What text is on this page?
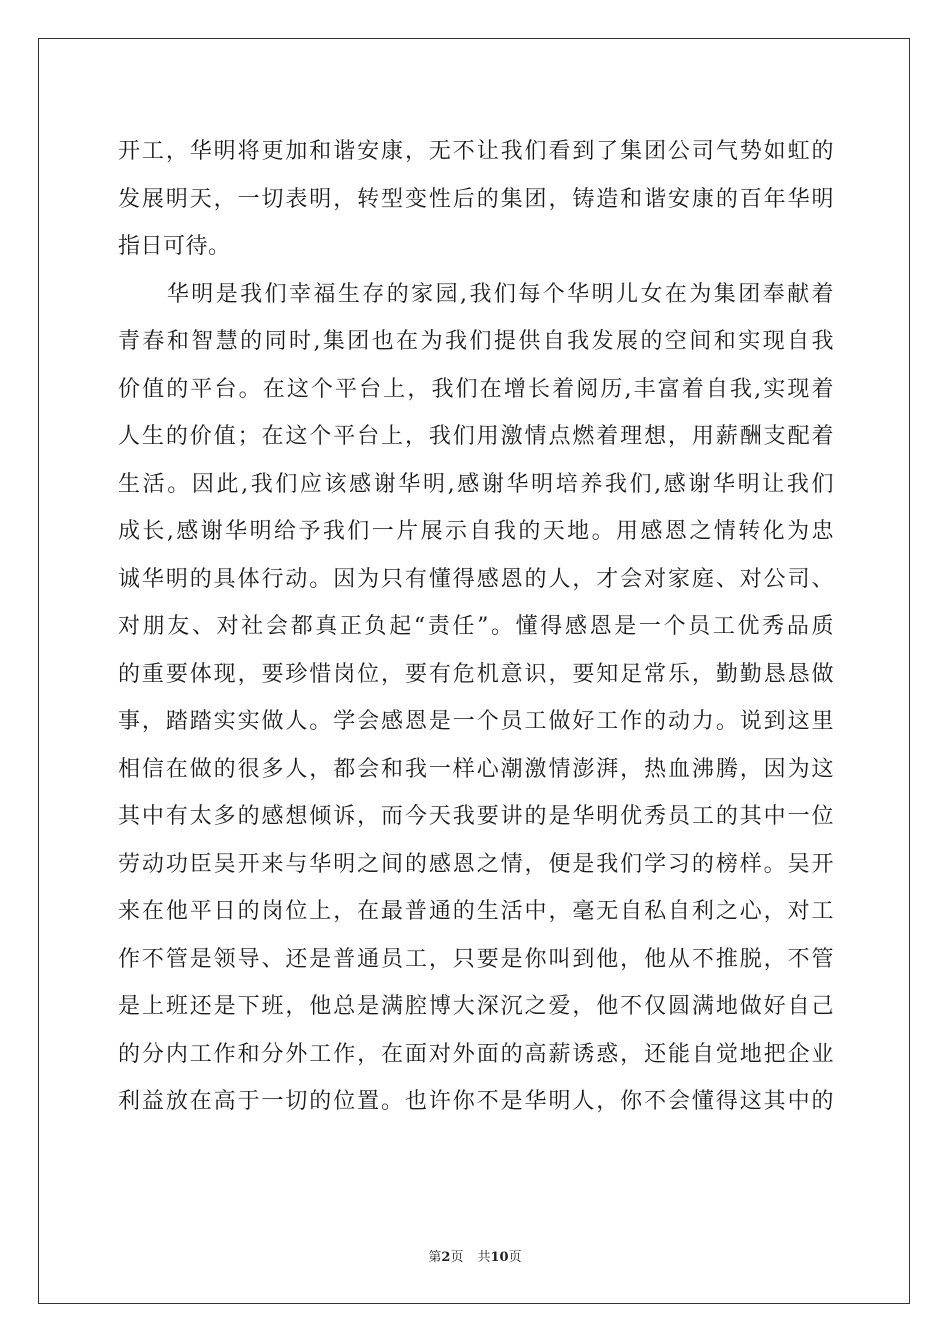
开工，华明将更加和谐安康，无不让我们看到了集团公司气势如虹的
发展明天，一切表明，转型变性后的集团，铸造和谐安康的百年华明
指日可待。
　　华明是我们幸福生存的家园,我们每个华明儿女在为集团奉献着
青春和智慧的同时,集团也在为我们提供自我发展的空间和实现自我
价值的平台。在这个平台上，我们在增长着阅历,丰富着自我,实现着
人生的价值；在这个平台上，我们用激情点燃着理想，用薪酬支配着
生活。因此,我们应该感谢华明,感谢华明培养我们,感谢华明让我们
成长,感谢华明给予我们一片展示自我的天地。用感恩之情转化为忠
诚华明的具体行动。因为只有懂得感恩的人，才会对家庭、对公司、
对朋友、对社会都真正负起“责任”。懂得感恩是一个员工优秀品质
的重要体现，要珍惜岗位，要有危机意识，要知足常乐，勤勤恳恳做
事，踏踏实实做人。学会感恩是一个员工做好工作的动力。说到这里
相信在做的很多人，都会和我一样心潮激情澎湃，热血沸腾，因为这
其中有太多的感想倾诉，而今天我要讲的是华明优秀员工的其中一位
劳动功臣吴开来与华明之间的感恩之情，便是我们学习的榜样。吴开
来在他平日的岗位上，在最普通的生活中，毫无自私自利之心，对工
作不管是领导、还是普通员工，只要是你叫到他，他从不推脱，不管
是上班还是下班，他总是满腔博大深沉之爱，他不仅圆满地做好自己
的分内工作和分外工作，在面对外面的高薪诱惑，还能自觉地把企业
利益放在高于一切的位置。也许你不是华明人，你不会懂得这其中的
第2页 共10页
